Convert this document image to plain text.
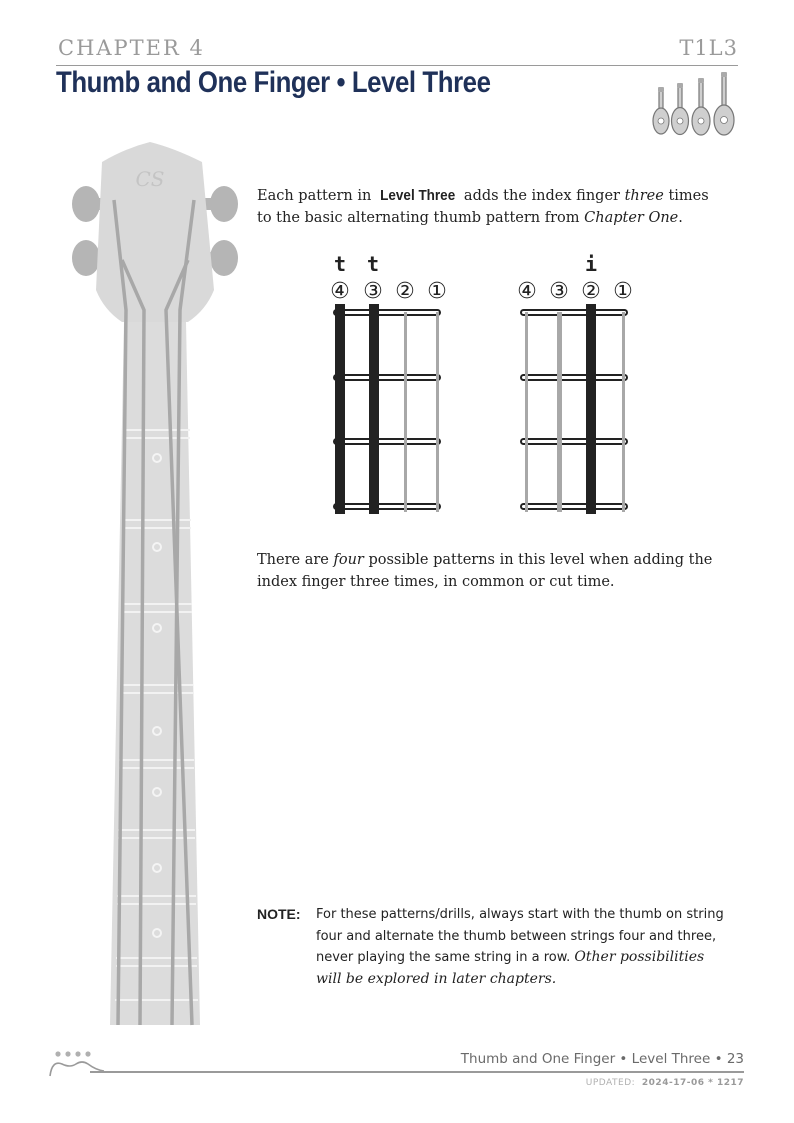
CHAPTER 4	T1L3
Thumb and One Finger • Level Three
CS
Each pattern in Level Three adds the index finger three times to the basic alternating thumb pattern from Chapter One.
t t	i
④ ③ ② ①	④ ③ ② ①
There are four possible patterns in this level when adding the index finger three times, in common or cut time.
NOTE: For these patterns/drills, always start with the thumb on string four and alternate the thumb between strings four and three, never playing the same string in a row. Other possibilities will be explored in later chapters.
Thumb and One Finger • Level Three • 23
UPDATED: 2024-17-06 * 1217
